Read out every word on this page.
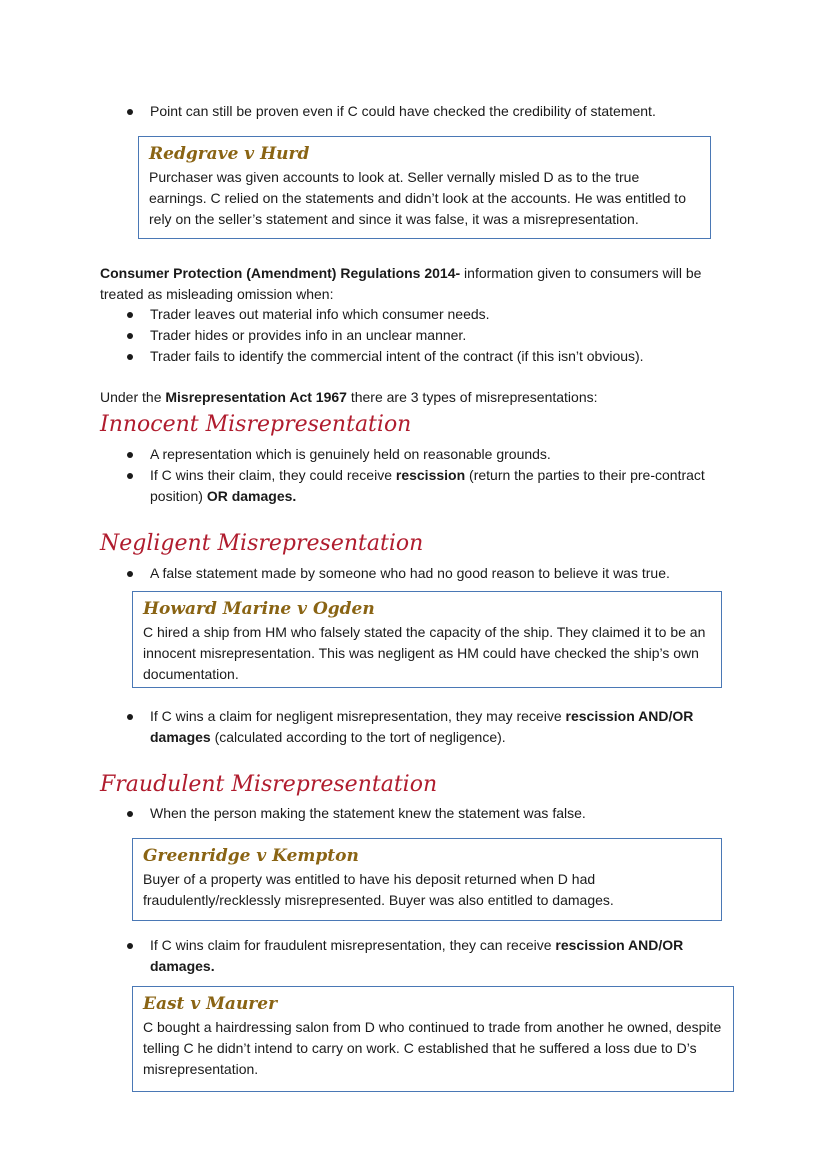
Point can still be proven even if C could have checked the credibility of statement.
Redgrave v Hurd
Purchaser was given accounts to look at. Seller vernally misled D as to the true earnings. C relied on the statements and didn’t look at the accounts. He was entitled to rely on the seller’s statement and since it was false, it was a misrepresentation.
Consumer Protection (Amendment) Regulations 2014- information given to consumers will be treated as misleading omission when:
Trader leaves out material info which consumer needs.
Trader hides or provides info in an unclear manner.
Trader fails to identify the commercial intent of the contract (if this isn’t obvious).
Under the Misrepresentation Act 1967 there are 3 types of misrepresentations:
Innocent Misrepresentation
A representation which is genuinely held on reasonable grounds.
If C wins their claim, they could receive rescission (return the parties to their pre-contract position) OR damages.
Negligent Misrepresentation
A false statement made by someone who had no good reason to believe it was true.
Howard Marine v Ogden
C hired a ship from HM who falsely stated the capacity of the ship. They claimed it to be an innocent misrepresentation. This was negligent as HM could have checked the ship’s own documentation.
If C wins a claim for negligent misrepresentation, they may receive rescission AND/OR damages (calculated according to the tort of negligence).
Fraudulent Misrepresentation
When the person making the statement knew the statement was false.
Greenridge v Kempton
Buyer of a property was entitled to have his deposit returned when D had fraudulently/recklessly misrepresented. Buyer was also entitled to damages.
If C wins claim for fraudulent misrepresentation, they can receive rescission AND/OR damages.
East v Maurer
C bought a hairdressing salon from D who continued to trade from another he owned, despite telling C he didn’t intend to carry on work. C established that he suffered a loss due to D’s misrepresentation.
